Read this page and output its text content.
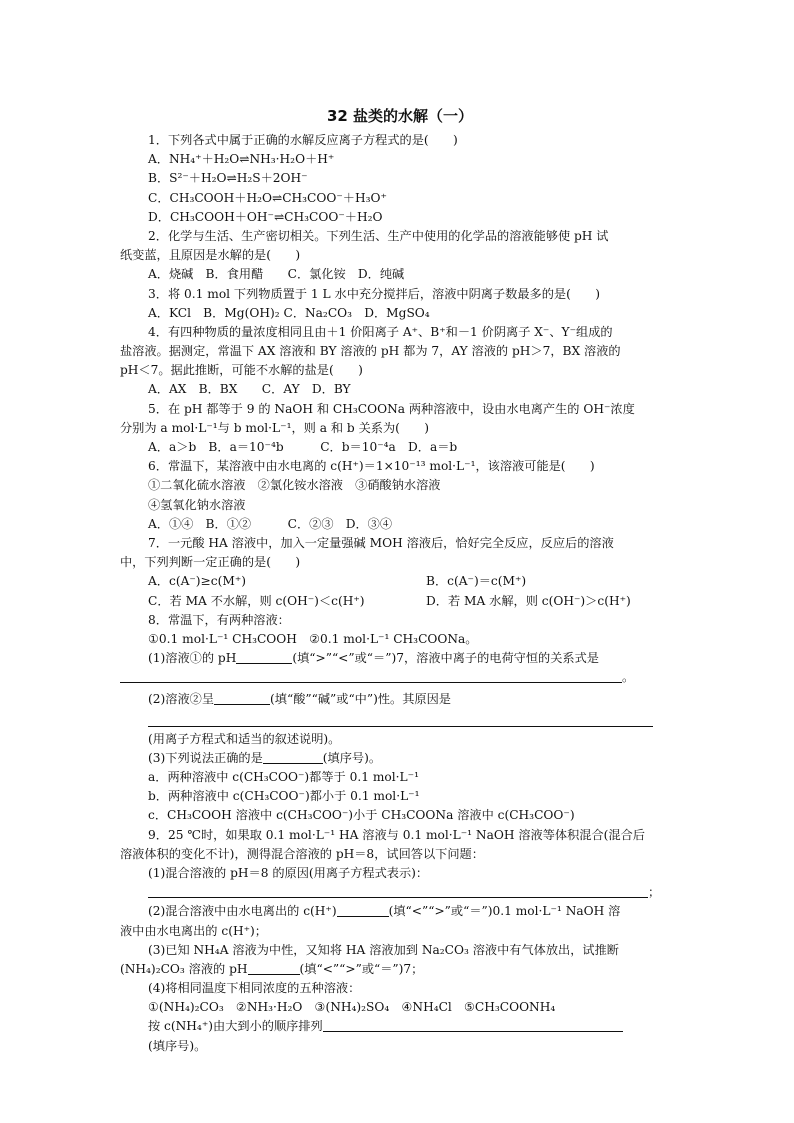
32 盐类的水解（一）
1．下列各式中属于正确的水解反应离子方程式的是(　　)
A．NH₄⁺＋H₂O⇌NH₃·H₂O＋H⁺
B．S²⁻＋H₂O⇌H₂S＋2OH⁻
C．CH₃COOH＋H₂O⇌CH₃COO⁻＋H₃O⁺
D．CH₃COOH＋OH⁻⇌CH₃COO⁻＋H₂O
2．化学与生活、生产密切相关。下列生活、生产中使用的化学品的溶液能够使 pH 试
纸变蓝，且原因是水解的是(　　)
A．烧碱　B．食用醋　　C．氯化铵　D．纯碱
3．将 0.1 mol 下列物质置于 1 L 水中充分搅拌后，溶液中阴离子数最多的是(　　)
A．KCl　B．Mg(OH)₂ C．Na₂CO₃　D．MgSO₄
4．有四种物质的量浓度相同且由＋1 价阳离子 A⁺、B⁺和－1 价阴离子 X⁻、Y⁻组成的
盐溶液。据测定，常温下 AX 溶液和 BY 溶液的 pH 都为 7，AY 溶液的 pH＞7，BX 溶液的
pH＜7。据此推断，可能不水解的盐是(　　)
A．AX　B．BX　　C．AY　D．BY
5．在 pH 都等于 9 的 NaOH 和 CH₃COONa 两种溶液中，设由水电离产生的 OH⁻浓度
分别为 a mol·L⁻¹与 b mol·L⁻¹，则 a 和 b 关系为(　　)
A．a＞b　B．a＝10⁻⁴b　　　C．b＝10⁻⁴a　D．a＝b
6．常温下，某溶液中由水电离的 c(H⁺)＝1×10⁻¹³ mol·L⁻¹，该溶液可能是(　　)
①二氧化硫水溶液　②氯化铵水溶液　③硝酸钠水溶液
④氢氧化钠水溶液
A．①④　B．①②　　　C．②③　D．③④
7．一元酸 HA 溶液中，加入一定量强碱 MOH 溶液后，恰好完全反应，反应后的溶液
中，下列判断一定正确的是(　　)
A．c(A⁻)≥c(M⁺)	B．c(A⁻)＝c(M⁺)
C．若 MA 不水解，则 c(OH⁻)＜c(H⁺)	D．若 MA 水解，则 c(OH⁻)＞c(H⁺)
8．常温下，有两种溶液：
①0.1 mol·L⁻¹ CH₃COOH　②0.1 mol·L⁻¹ CH₃COONa。
(1)溶液①的 pH	(填“>”“<”或“＝”)7，溶液中离子的电荷守恒的关系式是
。
(2)溶液②呈	(填“酸”“碱”或“中”)性。其原因是
(用离子方程式和适当的叙述说明)。
(3)下列说法正确的是	(填序号)。
a．两种溶液中 c(CH₃COO⁻)都等于 0.1 mol·L⁻¹
b．两种溶液中 c(CH₃COO⁻)都小于 0.1 mol·L⁻¹
c．CH₃COOH 溶液中 c(CH₃COO⁻)小于 CH₃COONa 溶液中 c(CH₃COO⁻)
9．25 ℃时，如果取 0.1 mol·L⁻¹ HA 溶液与 0.1 mol·L⁻¹ NaOH 溶液等体积混合(混合后
溶液体积的变化不计)，测得混合溶液的 pH＝8，试回答以下问题：
(1)混合溶液的 pH＝8 的原因(用离子方程式表示)：
；
(2)混合溶液中由水电离出的 c(H⁺)	(填“<”“>”或“＝”)0.1 mol·L⁻¹ NaOH 溶
液中由水电离出的 c(H⁺)；
(3)已知 NH₄A 溶液为中性，又知将 HA 溶液加到 Na₂CO₃ 溶液中有气体放出，试推断
(NH₄)₂CO₃ 溶液的 pH	(填“<”“>”或“＝”)7；
(4)将相同温度下相同浓度的五种溶液：
①(NH₄)₂CO₃　②NH₃·H₂O　③(NH₄)₂SO₄　④NH₄Cl　⑤CH₃COONH₄
按 c(NH₄⁺)由大到小的顺序排列
(填序号)。
